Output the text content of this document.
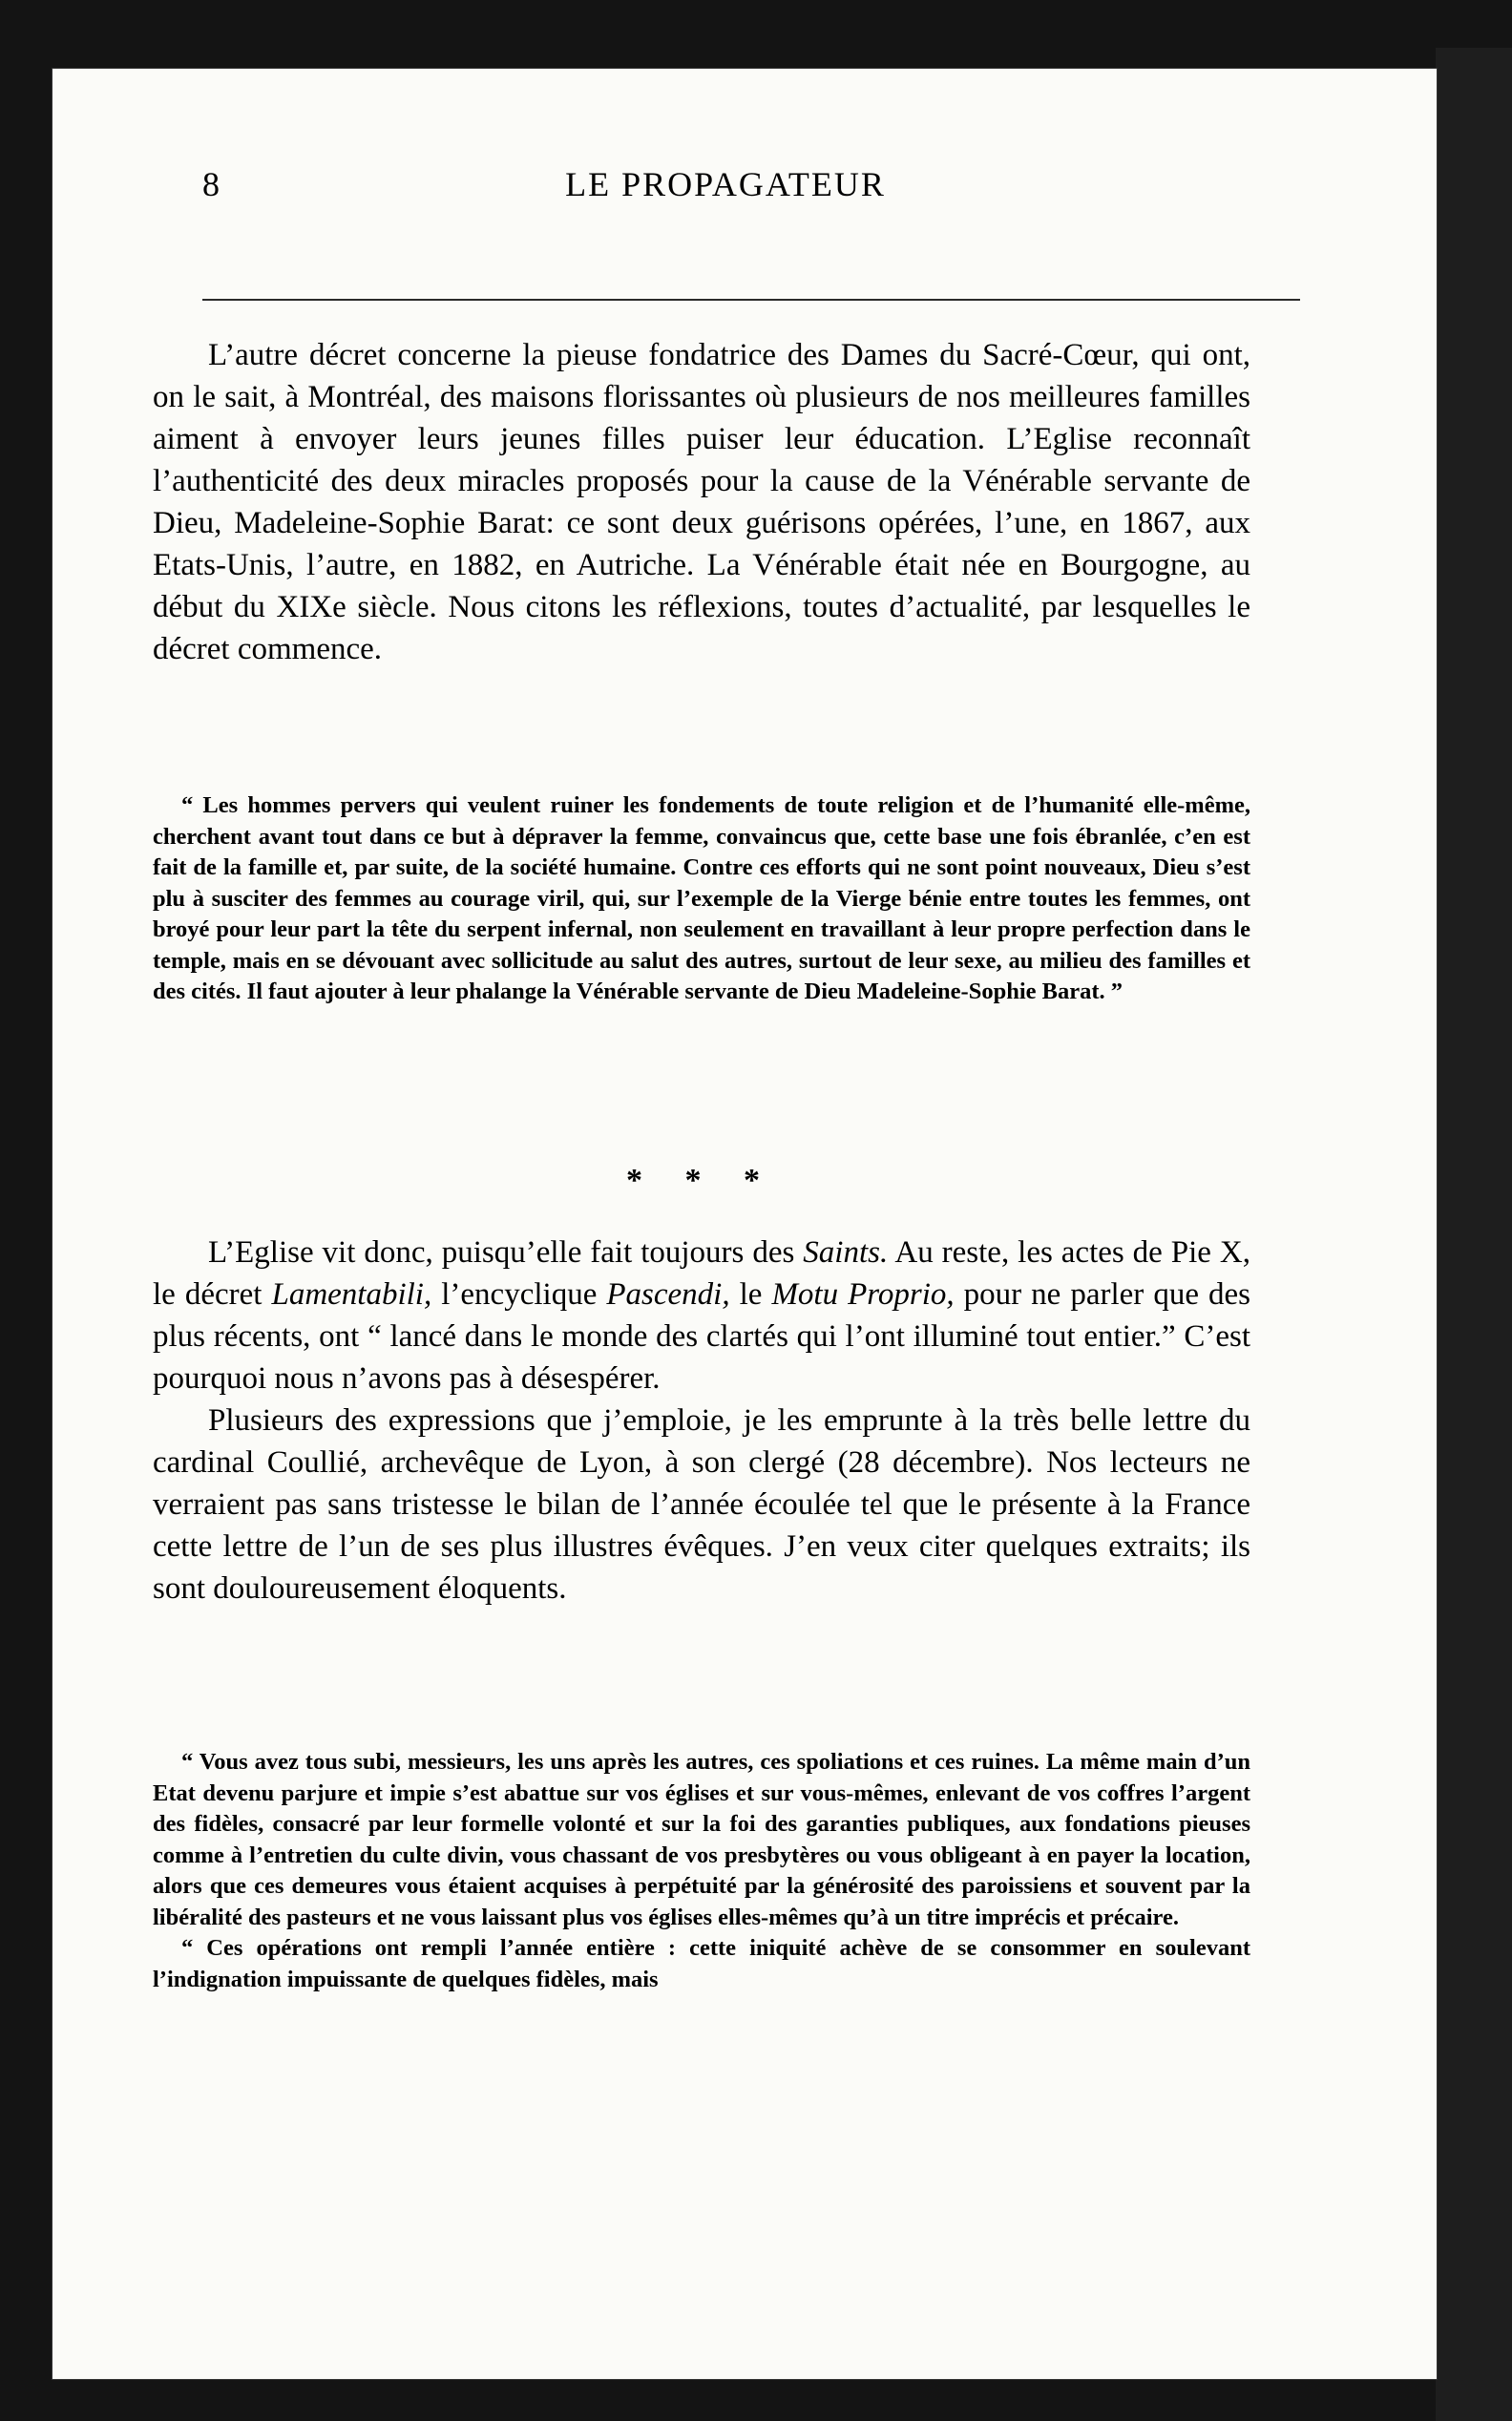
8	LE PROPAGATEUR

L’autre décret concerne la pieuse fondatrice des Dames du Sacré-Cœur, qui ont, on le sait, à Montréal, des maisons florissantes où plusieurs de nos meilleures familles aiment à envoyer leurs jeunes filles puiser leur éducation. L’Eglise reconnaît l’authenticité des deux miracles proposés pour la cause de la Vénérable servante de Dieu, Madeleine-Sophie Barat: ce sont deux guérisons opérées, l’une, en 1867, aux Etats-Unis, l’autre, en 1882, en Autriche. La Vénérable était née en Bourgogne, au début du XIXe siècle. Nous citons les réflexions, toutes d’actualité, par lesquelles le décret commence.

“ Les hommes pervers qui veulent ruiner les fondements de toute religion et de l’humanité elle-même, cherchent avant tout dans ce but à dépraver la femme, convaincus que, cette base une fois ébranlée, c’en est fait de la famille et, par suite, de la société humaine. Contre ces efforts qui ne sont point nouveaux, Dieu s’est plu à susciter des femmes au courage viril, qui, sur l’exemple de la Vierge bénie entre toutes les femmes, ont broyé pour leur part la tête du serpent infernal, non seulement en travaillant à leur propre perfection dans le temple, mais en se dévouant avec sollicitude au salut des autres, surtout de leur sexe, au milieu des familles et des cités. Il faut ajouter à leur phalange la Vénérable servante de Dieu Madeleine-Sophie Barat. ”

* * *

L’Eglise vit donc, puisqu’elle fait toujours des Saints. Au reste, les actes de Pie X, le décret Lamentabili, l’encyclique Pascendi, le Motu Proprio, pour ne parler que des plus récents, ont “ lancé dans le monde des clartés qui l’ont illuminé tout entier.” C’est pourquoi nous n’avons pas à désespérer.

Plusieurs des expressions que j’emploie, je les emprunte à la très belle lettre du cardinal Coullié, archevêque de Lyon, à son clergé (28 décembre). Nos lecteurs ne verraient pas sans tristesse le bilan de l’année écoulée tel que le présente à la France cette lettre de l’un de ses plus illustres évêques. J’en veux citer quelques extraits; ils sont douloureusement éloquents.

“ Vous avez tous subi, messieurs, les uns après les autres, ces spoliations et ces ruines. La même main d’un Etat devenu parjure et impie s’est abattue sur vos églises et sur vous-mêmes, enlevant de vos coffres l’argent des fidèles, consacré par leur formelle volonté et sur la foi des garanties publiques, aux fondations pieuses comme à l’entretien du culte divin, vous chassant de vos presbytères ou vous obligeant à en payer la location, alors que ces demeures vous étaient acquises à perpétuité par la générosité des paroissiens et souvent par la libéralité des pasteurs et ne vous laissant plus vos églises elles-mêmes qu’à un titre imprécis et précaire.

“ Ces opérations ont rempli l’année entière : cette iniquité achève de se consommer en soulevant l’indignation impuissante de quelques fidèles, mais
